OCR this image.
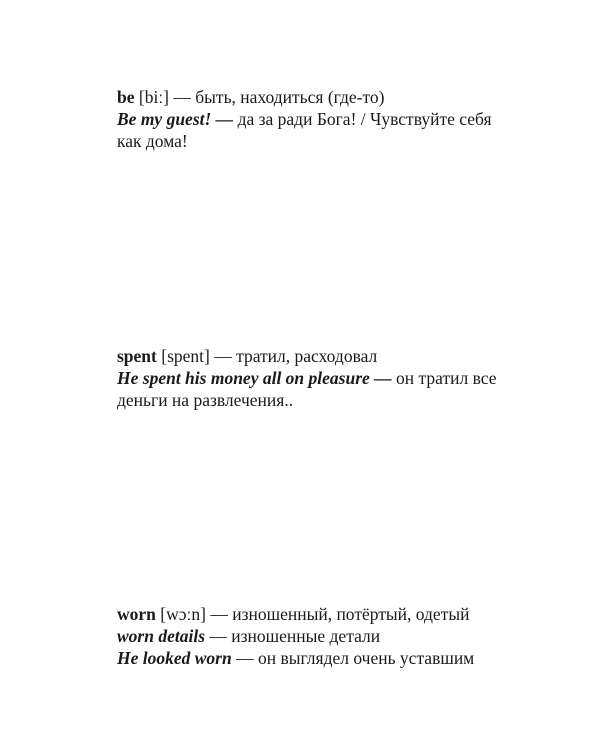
be [biː] — быть, находиться (где-то)

Be my guest! — да за ради Бога! / Чувствуйте себя как дома!

spent [spent] — тратил, расходовал

He spent his money all on pleasure — он тратил все деньги на развлечения..

worn [wɔːn] — изношенный, потёртый, одетый

worn details — изношенные детали

He looked worn — он выглядел очень уставшим
